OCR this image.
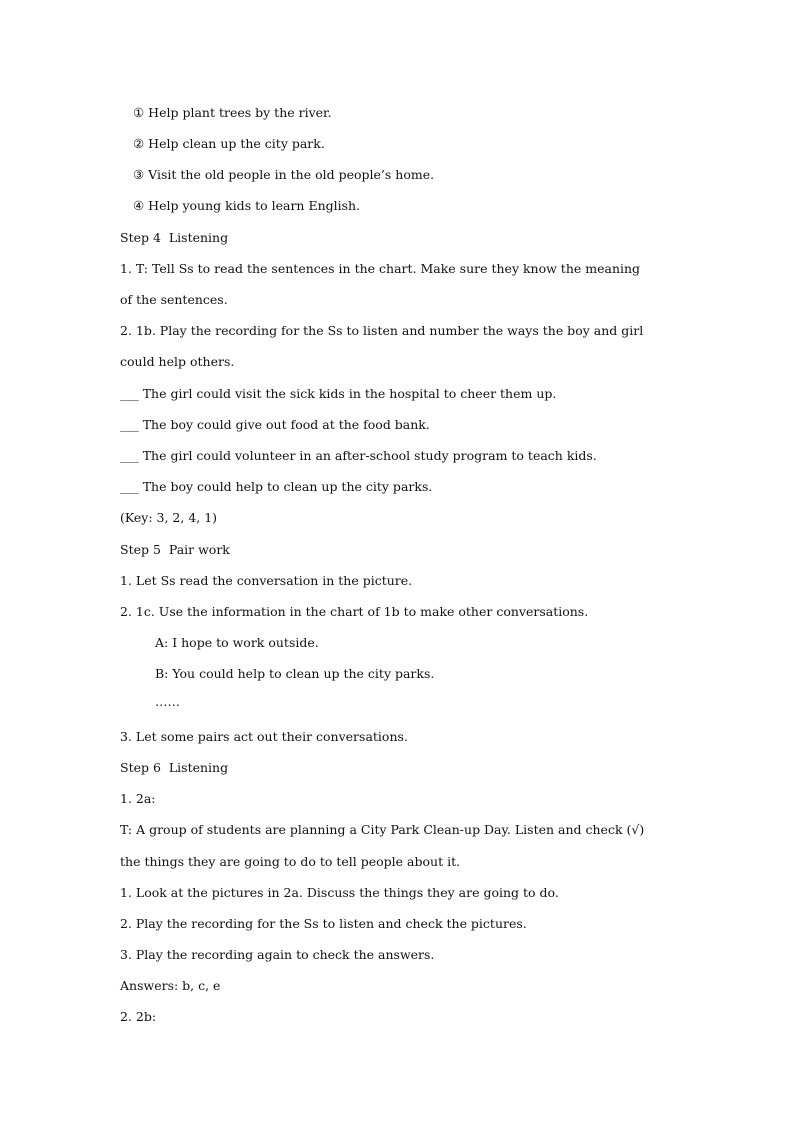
① Help plant trees by the river.
② Help clean up the city park.
③ Visit the old people in the old people’s home.
④ Help young kids to learn English.
Step 4  Listening
1. T: Tell Ss to read the sentences in the chart. Make sure they know the meaning
of the sentences.
2. 1b. Play the recording for the Ss to listen and number the ways the boy and girl
could help others.
___ The girl could visit the sick kids in the hospital to cheer them up.
___ The boy could give out food at the food bank.
___ The girl could volunteer in an after-school study program to teach kids.
___ The boy could help to clean up the city parks.
(Key: 3, 2, 4, 1)
Step 5  Pair work
1. Let Ss read the conversation in the picture.
2. 1c. Use the information in the chart of 1b to make other conversations.
A: I hope to work outside.
B: You could help to clean up the city parks.
……
3. Let some pairs act out their conversations.
Step 6  Listening
1. 2a:
T: A group of students are planning a City Park Clean-up Day. Listen and check (√)
the things they are going to do to tell people about it.
1. Look at the pictures in 2a. Discuss the things they are going to do.
2. Play the recording for the Ss to listen and check the pictures.
3. Play the recording again to check the answers.
Answers: b, c, e
2. 2b:
